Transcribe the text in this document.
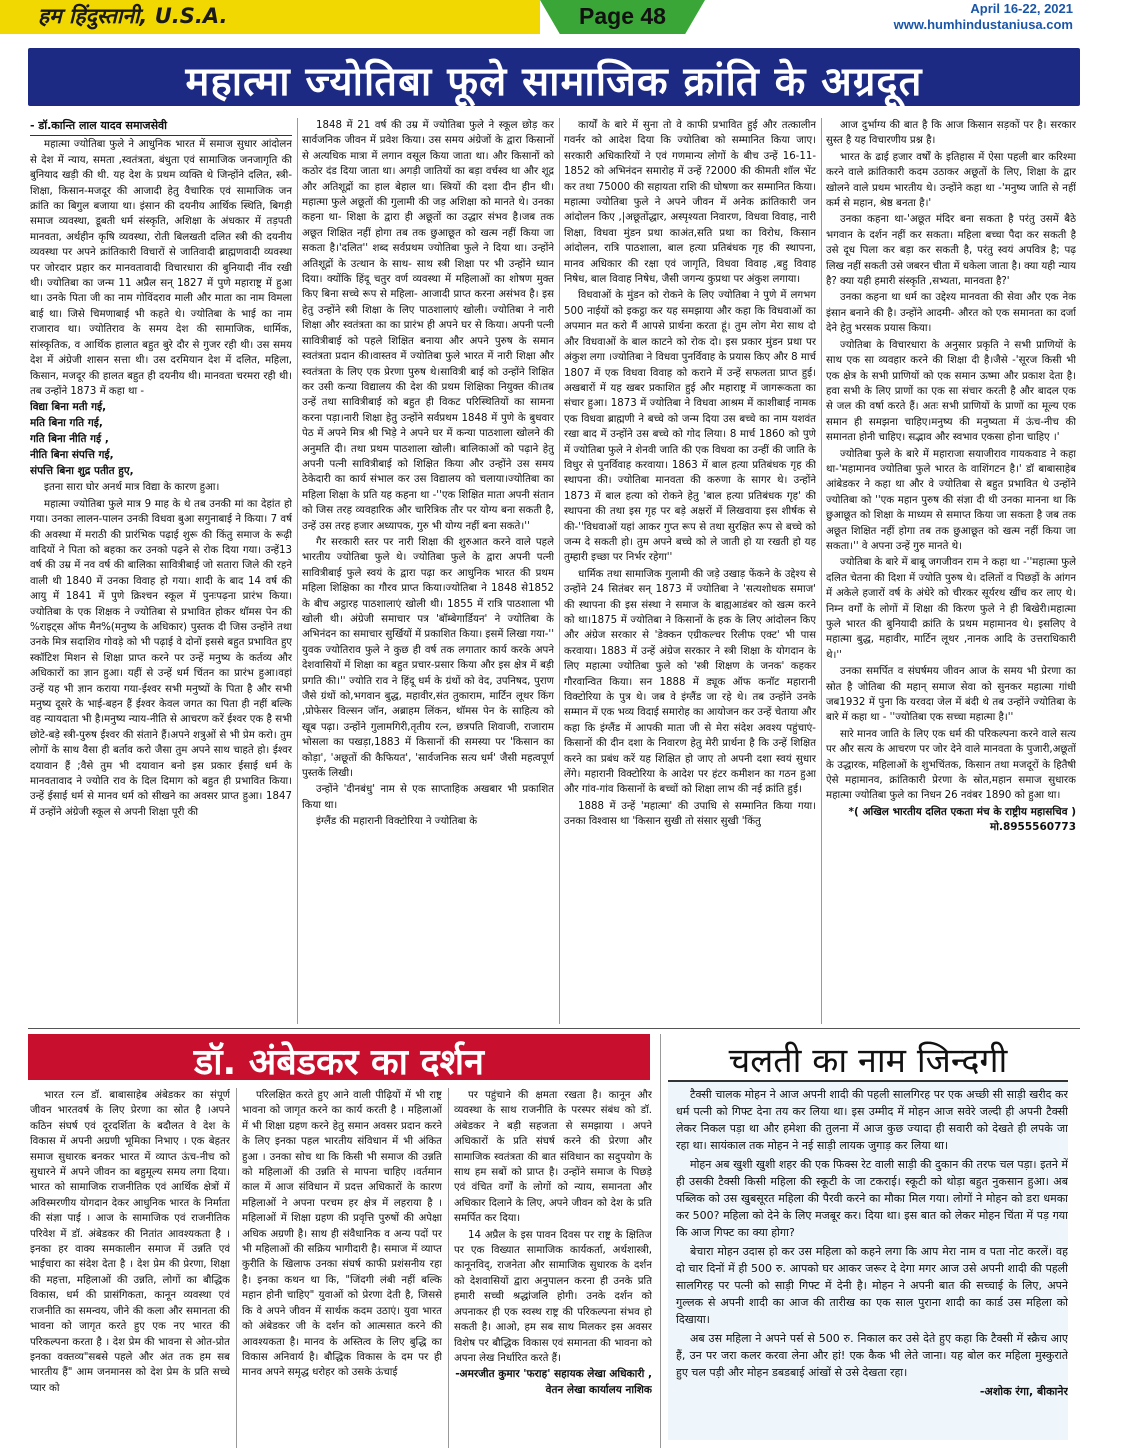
हम हिंदुस्तानी, U.S.A.	Page 48	April 16-22, 2021
www.humhindustaniusa.com
महात्मा ज्योतिबा फूले सामाजिक क्रांति के अग्रदूत

- डॉ.कान्ति लाल यादव समाजसेवी

महात्मा ज्योतिबा फुले ने आधुनिक भारत में समाज सुधार आंदोलन से देश में न्याय, समता ,स्वतंत्रता, बंधुता एवं सामाजिक जनजागृति की बुनियाद खड़ी की थी. यह देश के प्रथम व्यक्ति थे जिन्होंने दलित, स्त्री- शिक्षा, किसान-मजदूर की आजादी हेतु वैचारिक एवं सामाजिक जन क्रांति का बिगुल बजाया था। इंसान की दयनीय आर्थिक स्थिति, बिगड़ी समाज व्यवस्था, डूबती धर्म संस्कृति, अशिक्षा के अंधकार में तड़पती मानवता, अर्थहीन कृषि व्यवस्था, रोती बिलखती दलित स्त्री की दयनीय व्यवस्था पर अपने क्रांतिकारी विचारों से जातिवादी ब्राह्मणवादी व्यवस्था पर जोरदार प्रहार कर मानवतावादी विचारधारा की बुनियादी नींव रखी थी। ज्योतिबा का जन्म 11 अप्रैल सन् 1827 में पुणे महाराष्ट्र में हुआ था। उनके पिता जी का नाम गोविंदराव माली और माता का नाम विमला बाई था। जिसे चिमणाबाई भी कहते थे। ज्योतिबा के भाई का नाम राजाराव था। ज्योतिराव के समय देश की सामाजिक, धार्मिक, सांस्कृतिक, व आर्थिक हालात बहुत बुरे दौर से गुजर रही थी। उस समय देश में अंग्रेजी शासन सत्ता थी। उस दरमियान देश में दलित, महिला, किसान, मजदूर की हालत बहुत ही दयनीय थी। मानवता चरमरा रही थी। तब उन्होंने 1873 में कहा था -

विद्या बिना मती गई,

मति बिना गति गई,

गति बिना नीति गई ,

नीति बिना संपत्ति गई,

संपत्ति बिना शुद्र पतीत हुए,

इतना सारा घोर अनर्थ मात्र विद्या के कारण हुआ।

महात्मा ज्योतिबा फुले मात्र 9 माह के थे तब उनकी मां का देहांत हो गया। उनका लालन-पालन उनकी विधवा बुआ सगुनाबाई ने किया। 7 वर्ष की अवस्था में मराठी की प्रारंभिक पढ़ाई शुरू की किंतु समाज के रूढ़ी वादियों ने पिता को बहका कर उनको पढ़ने से रोक दिया गया। उन्हें13 वर्ष की उम्र में नव वर्ष की बालिका सावित्रीबाई जो सतारा जिले की रहने वाली थी 1840 में उनका विवाह हो गया। शादी के बाद 14 वर्ष की आयु में 1841 में पुणे क्रिश्चन स्कूल में पुनःपढ़ना प्रारंभ किया। ज्योतिबा के एक शिक्षक ने ज्योतिबा से प्रभावित होकर थॉमस पेन की %राइट्स ऑफ मैन%(मनुष्य के अधिकार) पुस्तक दी जिस उन्होंने तथा उनके मित्र सदाशिव गोवड़े को भी पढ़ाई वे दोनों इससे बहुत प्रभावित हुए स्कॉटिश मिशन से शिक्षा प्राप्त करने पर उन्हें मनुष्य के कर्तव्य और अधिकारों का ज्ञान हुआ। यहीं से उन्हें धर्म चिंतन का प्रारंभ हुआ।वहां उन्हें यह भी ज्ञान कराया गया-ईश्वर सभी मनुष्यों के पिता है और सभी मनुष्य दूसरे के भाई-बहन हैं ईश्वर केवल जगत का पिता ही नहीं बल्कि वह न्यायदाता भी है।मनुष्य न्याय-नीति से आचरण करें ईश्वर एक है सभी छोटे-बड़े स्त्री-पुरुष ईश्वर की संताने हैं।अपने शत्रुओं से भी प्रेम करो। तुम लोगों के साथ वैसा ही बर्ताव करो जैसा तुम अपने साथ चाहते हो। ईश्वर दयावान हैं ;वैसे तुम भी दयावान बनो इस प्रकार ईसाई धर्म के मानवतावाद ने ज्योति राव के दिल दिमाग को बहुत ही प्रभावित किया।उन्हें ईसाई धर्म से मानव धर्म को सीखने का अवसर प्राप्त हुआ। 1847 में उन्होंने अंग्रेजी स्कूल से अपनी शिक्षा पूरी की

1848 में 21 वर्ष की उम्र में ज्योतिबा फुले ने स्कूल छोड़ कर सार्वजनिक जीवन में प्रवेश किया। उस समय अंग्रेजों के द्वारा किसानों से अत्यधिक मात्रा में लगान वसूल किया जाता था। और किसानों को कठोर दंड दिया जाता था। अगड़ी जातियों का बड़ा वर्चस्व था और शूद्र और अतिशूद्रों का हाल बेहाल था। स्त्रियों की दशा दीन हीन थी।महात्मा फुले अछूतों की गुलामी की जड़ अशिक्षा को मानते थे। उनका कहना था- शिक्षा के द्वारा ही अछूतों का उद्धार संभव है।जब तक अछूत शिक्षित नहीं होगा तब तक छुआछूत को खत्म नहीं किया जा सकता है।'दलित'' शब्द सर्वप्रथम ज्योतिबा फुले ने दिया था। उन्होंने अतिशूद्रों के उत्थान के साथ- साथ स्त्री शिक्षा पर भी उन्होंने ध्यान दिया। क्योंकि हिंदू चतुर वर्ण व्यवस्था में महिलाओं का शोषण मुक्त किए बिना सच्चे रूप से महिला- आजादी प्राप्त करना असंभव है। इस हेतु उन्होंने स्त्री शिक्षा के लिए पाठशालाएं खोली। ज्योतिबा ने नारी शिक्षा और स्वतंत्रता का का प्रारंभ ही अपने घर से किया। अपनी पत्नी सावित्रीबाई को पहले शिक्षित बनाया और अपने पुरुष के समान स्वतंत्रता प्रदान की।वास्तव में ज्योतिबा फुले भारत में नारी शिक्षा और स्वतंत्रता के लिए एक प्रेरणा पुरुष थे।सावित्री बाई को उन्होंने शिक्षित कर उसी कन्या विद्यालय की देश की प्रथम शिक्षिका नियुक्त की।तब उन्हें तथा सावित्रीबाई को बहुत ही विकट परिस्थितियों का सामना करना पड़ा।नारी शिक्षा हेतु उन्होंने सर्वप्रथम 1848 में पुणे के बुधवार पेठ में अपने मित्र श्री भिड़े ने अपने घर में कन्या पाठशाला खोलने की अनुमति दी। तथा प्रथम पाठशाला खोली। बालिकाओं को पढ़ाने हेतु अपनी पत्नी सावित्रीबाई को शिक्षित किया और उन्होंने उस समय ठेकेदारी का कार्य संभाल कर उस विद्यालय को चलाया।ज्योतिबा का महिला शिक्षा के प्रति यह कहना था -''एक शिक्षित माता अपनी संतान को जिस तरह व्यवहारिक और चारित्रिक तौर पर योग्य बना सकती है, उन्हें उस तरह हजार अध्यापक, गुरु भी योग्य नहीं बना सकते।''

गैर सरकारी स्तर पर नारी शिक्षा की शुरुआत करने वाले पहले भारतीय ज्योतिबा फुले थे। ज्योतिबा फुले के द्वारा अपनी पत्नी सावित्रीबाई फुले स्वयं के द्वारा पढ़ा कर आधुनिक भारत की प्रथम महिला शिक्षिका का गौरव प्राप्त किया।ज्योतिबा ने 1848 से1852 के बीच अट्ठारह पाठशालाएं खोली थी। 1855 में रात्रि पाठशाला भी खोली थी। अंग्रेजी समाचार पत्र 'बॉम्बेगार्डियन' ने ज्योतिबा के अभिनंदन का समाचार सुर्खियों में प्रकाशित किया। इसमें लिखा गया-'' युवक ज्योतिराव फुले ने कुछ ही वर्ष तक लगातार कार्य करके अपने देशवासियों में शिक्षा का बहुत प्रचार-प्रसार किया और इस क्षेत्र में बड़ी प्रगति की।'' ज्योति राव ने हिंदू धर्म के ग्रंथों को वेद, उपनिषद, पुराण जैसे ग्रंथों को,भगवान बुद्ध, महावीर,संत तुकाराम, मार्टिन लूथर किंग ,प्रोफेसर विल्सन जॉन, अब्राहम लिंकन, थॉमस पेन के साहित्य को खूब पढ़ा। उन्होंने गुलामगिरी,तृतीय रत्न, छत्रपति शिवाजी, राजाराम भोसला का पखड़ा,1883 में किसानों की समस्या पर 'किसान का कोड़ा', 'अछूतों की कैफियत', 'सार्वजनिक सत्य धर्म' जैसी महत्वपूर्ण पुस्तकें लिखी।

उन्होंने 'दीनबंधु' नाम से एक साप्ताहिक अखबार भी प्रकाशित किया था।

इंग्लैंड की महारानी विक्टोरिया ने ज्योतिबा के

कार्यों के बारे में सुना तो वे काफी प्रभावित हुई और तत्कालीन गवर्नर को आदेश दिया कि ज्योतिबा को सम्मानित किया जाए। सरकारी अधिकारियों ने एवं गणमान्य लोगों के बीच उन्हें 16-11-1852 को अभिनंदन समारोह में उन्हें ?2000 की कीमती शॉल भेंट कर तथा 75000 की सहायता राशि की घोषणा कर सम्मानित किया। महात्मा ज्योतिबा फुले ने अपने जीवन में अनेक क्रांतिकारी जन आंदोलन किए ,|अछूतोंद्धार, अस्पृश्यता निवारण, विधवा विवाह, नारी शिक्षा, विधवा मुंडन प्रथा काअंत,सति प्रथा का विरोध, किसान आंदोलन, रात्रि पाठशाला, बाल हत्या प्रतिबंधक गृह की स्थापना, मानव अधिकार की रक्षा एवं जागृति, विधवा विवाह ,बहु विवाह निषेध, बाल विवाह निषेध, जैसी जगन्य कुप्रथा पर अंकुश लगाया।

विधवाओं के मुंडन को रोकने के लिए ज्योतिबा ने पुणे में लगभग 500 नाईयों को इकट्ठा कर यह समझाया और कहा कि विधवाओं का अपमान मत करो मैं आपसे प्रार्थना करता हूं। तुम लोग मेरा साथ दो और विधवाओं के बाल काटने को रोक दो। इस प्रकार मुंडन प्रथा पर अंकुश लगा ।ज्योतिबा ने विधवा पुनर्विवाह के प्रयास किए और 8 मार्च 1807 में एक विधवा विवाह को कराने में उन्हें सफलता प्राप्त हुई। अखबारों में यह खबर प्रकाशित हुई और महाराष्ट्र में जागरूकता का संचार हुआ। 1873 में ज्योतिबा ने विधवा आश्रम में काशीबाई नामक एक विधवा ब्राह्मणी ने बच्चे को जन्म दिया उस बच्चे का नाम यशवंत रखा बाद में उन्होंने उस बच्चे को गोद लिया। 8 मार्च 1860 को पुणे में ज्योतिबा फुले ने शेनवी जाति की एक विधवा का उन्हीं की जाति के विधुर से पुनर्विवाह करवाया। 1863 में बाल हत्या प्रतिबंधक गृह की स्थापना की। ज्योतिबा मानवता की करुणा के सागर थे। उन्होंने 1873 में बाल हत्या को रोकने हेतु 'बाल हत्या प्रतिबंधक गृह' की स्थापना की तथा इस गृह पर बड़े अक्षरों में लिखवाया इस शीर्षक से की-''विधवाओं यहां आकर गुप्त रूप से तथा सुरक्षित रूप से बच्चे को जन्म दे सकती हो। तुम अपने बच्चे को ले जाती हो या रखती हो यह तुम्हारी इच्छा पर निर्भर रहेगा''

धार्मिक तथा सामाजिक गुलामी की जड़े उखाड़ फेंकने के उद्देश्य से उन्होंने 24 सितंबर सन् 1873 में ज्योतिबा ने 'सत्यशोधक समाज' की स्थापना की इस संस्था ने समाज के बाह्यआडंबर को खत्म करने को था।1875 में ज्योतिबा ने किसानों के हक के लिए आंदोलन किए और अंग्रेज सरकार से 'डेक्कन एग्रीकल्चर रिलीफ एक्ट' भी पास करवाया। 1883 में उन्हें अंग्रेज सरकार ने स्त्री शिक्षा के योगदान के लिए महात्मा ज्योतिबा फुले को 'स्त्री शिक्षण के जनक' कहकर गौरवान्वित किया। सन 1888 में ड्यूक ऑफ कनॉट महारानी विक्टोरिया के पुत्र थे। जब वे इंग्लैंड जा रहे थे। तब उन्होंने उनके सम्मान में एक भव्य विदाई समारोह का आयोजन कर उन्हें चेताया और कहा कि इंग्लैंड में आपकी माता जी से मेरा संदेश अवश्य पहुंचाएं- किसानों की दीन दशा के निवारण हेतु मेरी प्रार्थना है कि उन्हें शिक्षित करने का प्रबंध करें यह शिक्षित हो जाए तो अपनी दशा स्वयं सुधार लेंगे। महारानी विक्टोरिया के आदेश पर हंटर कमीशन का गठन हुआ और गांव-गांव किसानों के बच्चों को शिक्षा लाभ की नई क्रांति हुई।

1888 में उन्हें 'महात्मा' की उपाधि से सम्मानित किया गया। उनका विश्वास था 'किसान सुखी तो संसार सुखी 'किंतु

आज दुर्भाग्य की बात है कि आज किसान सड़कों पर है। सरकार सुस्त है यह विचारणीय प्रश्न है।

भारत के ढाई हजार वर्षों के इतिहास में ऐसा पहली बार करिश्मा करने वाले क्रांतिकारी कदम उठाकर अछूतों के लिए, शिक्षा के द्वार खोलने वाले प्रथम भारतीय थे। उन्होंने कहा था -'मनुष्य जाति से नहीं कर्म से महान, श्रेष्ठ बनता है।'

उनका कहना था-'अछूत मंदिर बना सकता है परंतु उसमें बैठे भगवान के दर्शन नहीं कर सकता। महिला बच्चा पैदा कर सकती है उसे दूध पिला कर बड़ा कर सकती है, परंतु स्वयं अपवित्र है; पढ़ लिख नहीं सकती उसे जबरन चीता में धकेला जाता है। क्या यही न्याय है? क्या यही हमारी संस्कृति ,सभ्यता, मानवता है?'

उनका कहना था धर्म का उद्देश्य मानवता की सेवा और एक नेक इंसान बनाने की है। उन्होंने आदमी- औरत को एक समानता का दर्जा देने हेतु भरसक प्रयास किया।

ज्योतिबा के विचारधारा के अनुसार प्रकृति ने सभी प्राणियों के साथ एक सा व्यवहार करने की शिक्षा दी है।जैसे -'सूरज किसी भी एक क्षेत्र के सभी प्राणियों को एक समान ऊष्मा और प्रकाश देता है। हवा सभी के लिए प्राणों का एक सा संचार करती है और बादल एक से जल की वर्षा करते हैं। अतः सभी प्राणियों के प्राणों का मूल्य एक समान ही समझना चाहिए।मनुष्य की मनुष्यता में ऊंच-नीच की समानता होनी चाहिए। सद्भाव और स्वभाव एकसा होना चाहिए ।'

ज्योतिबा फुले के बारे में महाराजा सयाजीराव गायकवाड ने कहा था-'महामानव ज्योतिबा फुले भारत के वाशिंगटन है।' डॉ बाबासाहेब आंबेडकर ने कहा था और वे ज्योतिबा से बहुत प्रभावित थे उन्होंने ज्योतिबा को ''एक महान पुरुष की संज्ञा दी थी उनका मानना था कि छुआछूत को शिक्षा के माध्यम से समाप्त किया जा सकता है जब तक अछूत शिक्षित नहीं होगा तब तक छुआछूत को खत्म नहीं किया जा सकता।'' वे अपना उन्हें गुरु मानते थे।

ज्योतिबा के बारे में बाबू जगजीवन राम ने कहा था -''महात्मा फुले दलित चेतना की दिशा में ज्योति पुरुष थे। दलितों व पिछड़ों के आंगन में अकेले हजारों वर्ष के अंधेरे को चीरकर सूर्यरथ खींच कर लाए थे। निम्न वर्गों के लोगों में शिक्षा की किरण फुले ने ही बिखेरी।महात्मा फुले भारत की बुनियादी क्रांति के प्रथम महामानव थे। इसलिए वे महात्मा बुद्ध, महावीर, मार्टिन लूथर ,नानक आदि के उत्तराधिकारी थे।''

उनका समर्पित व संघर्षमय जीवन आज के समय भी प्रेरणा का स्रोत है जोतिबा की महान् समाज सेवा को सुनकर महात्मा गांधी जब1932 में पुना कि यरवदा जेल में बंदी थे तब उन्होंने ज्योतिबा के बारे में कहा था - ''ज्योतिबा एक सच्चा महात्मा है।''

सारे मानव जाति के लिए एक धर्म की परिकल्पना करने वाले सत्य पर और सत्य के आचरण पर जोर देने वाले मानवता के पुजारी,अछूतों के उद्धारक, महिलाओं के शुभचिंतक, किसान तथा मजदूरों के हितैषी ऐसे महामानव, क्रांतिकारी प्रेरणा के स्रोत,महान समाज सुधारक महात्मा ज्योतिबा फुले का निधन 26 नवंबर 1890 को हुआ था।

*( अखिल भारतीय दलित एकता मंच के राष्ट्रीय महासचिव ) मो.8955560773

डॉ. अंबेडकर का दर्शन

भारत रत्न डॉ. बाबासाहेब अंबेडकर का संपूर्ण जीवन भारतवर्ष के लिए प्रेरणा का स्रोत है ।अपने कठिन संघर्ष एवं दूरदर्शिता के बदौलत वे देश के विकास में अपनी अग्रणी भूमिका निभाए । एक बेहतर समाज सुधारक बनकर भारत में व्याप्त ऊंच-नीच को सुधारने में अपने जीवन का बहुमूल्य समय लगा दिया। भारत को सामाजिक राजनीतिक एवं आर्थिक क्षेत्रों में अविस्मरणीय योगदान देकर आधुनिक भारत के निर्माता की संज्ञा पाई । आज के सामाजिक एवं राजनीतिक परिवेश में डॉ. अंबेडकर की नितांत आवश्यकता है । इनका हर वाक्य समकालीन समाज में उन्नति एवं भाईचारा का संदेश देता है । देश प्रेम की प्रेरणा, शिक्षा की महत्ता, महिलाओं की उन्नति, लोगों का बौद्धिक विकास, धर्म की प्रासंगिकता, कानून व्यवस्था एवं राजनीति का समन्वय, जीने की कला और समानता की भावना को जागृत करते हुए एक नए भारत की परिकल्पना करता है । देश प्रेम की भावना से ओत-प्रोत इनका वक्तव्य"सबसे पहले और अंत तक हम सब भारतीय हैं" आम जनमानस को देश प्रेम के प्रति सच्चे प्यार को

परिलक्षित करते हुए आने वाली पीढ़ियों में भी राष्ट्र भावना को जागृत करने का कार्य करती है । महिलाओं में भी शिक्षा ग्रहण करने हेतु समान अवसर प्रदान करने के लिए इनका पहल भारतीय संविधान में भी अंकित हुआ । उनका सोच था कि किसी भी समाज की उन्नति को महिलाओं की उन्नति से मापना चाहिए ।वर्तमान काल में आज संविधान में प्रदत्त अधिकारों के कारण महिलाओं ने अपना परचम हर क्षेत्र में लहराया है । महिलाओं में शिक्षा ग्रहण की प्रवृत्ति पुरुषों की अपेक्षा अधिक अग्रणी है। साथ ही संवैधानिक व अन्य पदों पर भी महिलाओं की सक्रिय भागीदारी है। समाज में व्याप्त कुरीति के खिलाफ उनका संघर्ष काफी प्रशंसनीय रहा है। इनका कथन था कि, "जिंदगी लंबी नहीं बल्कि महान होनी चाहिए" युवाओं को प्रेरणा देती है, जिससे कि वे अपने जीवन में सार्थक कदम उठाएं। युवा भारत को अंबेडकर जी के दर्शन को आत्मसात करने की आवश्यकता है। मानव के अस्तित्व के लिए बुद्धि का विकास अनिवार्य है। बौद्धिक विकास के दम पर ही मानव अपने समृद्ध धरोहर को उसके ऊंचाई

पर पहुंचाने की क्षमता रखता है। कानून और व्यवस्था के साथ राजनीति के परस्पर संबंध को डॉ. अंबेडकर ने बड़ी सहजता से समझाया । अपने अधिकारों के प्रति संघर्ष करने की प्रेरणा और सामाजिक स्वतंत्रता की बात संविधान का सदुपयोग के साथ हम सबों को प्राप्त है। उन्होंने समाज के पिछड़े एवं वंचित वर्गों के लोगों को न्याय, समानता और अधिकार दिलाने के लिए, अपने जीवन को देश के प्रति समर्पित कर दिया।

14 अप्रैल के इस पावन दिवस पर राष्ट्र के क्षितिज पर एक विख्यात सामाजिक कार्यकर्ता, अर्थशास्त्री, कानूनविद्, राजनेता और सामाजिक सुधारक के दर्शन को देशवासियों द्वारा अनुपालन करना ही उनके प्रति हमारी सच्ची श्रद्धांजलि होगी। उनके दर्शन को अपनाकर ही एक स्वस्थ राष्ट्र की परिकल्पना संभव हो सकती है। आओ, हम सब साथ मिलकर इस अवसर विशेष पर बौद्धिक विकास एवं समानता की भावना को अपना लेख निर्धारित करते हैं।

-अमरजीत कुमार 'फराह' सहायक लेखा अधिकारी , वेतन लेखा कार्यालय नाशिक

चलती का नाम जिन्दगी

टैक्सी चालक मोहन ने आज अपनी शादी की पहली सालगिरह पर एक अच्छी सी साड़ी खरीद कर धर्म पत्नी को गिफ्ट देना तय कर लिया था। इस उम्मीद में मोहन आज सवेरे जल्दी ही अपनी टैक्सी लेकर निकल पड़ा था और हमेशा की तुलना में आज कुछ ज्यादा ही सवारी को देखते ही लपके जा रहा था। सायंकाल तक मोहन ने नई साड़ी लायक जुगाड़ कर लिया था।

मोहन अब खुशी खुशी शहर की एक फिक्स रेट वाली साड़ी की दुकान की तरफ चल पड़ा। इतने में ही उसकी टैक्सी किसी महिला की स्कूटी के जा टकराई। स्कूटी को थोड़ा बहुत नुकसान हुआ। अब पब्लिक को उस खुबसूरत महिला की पैरवी करने का मौका मिल गया। लोगों ने मोहन को डरा धमका कर 500? महिला को देने के लिए मजबूर कर। दिया था। इस बात को लेकर मोहन चिंता में पड़ गया कि आज गिफ्ट का क्या होगा?

बेचारा मोहन उदास हो कर उस महिला को कहने लगा कि आप मेरा नाम व पता नोट करलें। वह दो चार दिनों में ही 500 रु. आपको घर आकर जरूर दे देगा मगर आज उसे अपनी शादी की पहली सालगिरह पर पत्नी को साड़ी गिफ्ट में देनी है। मोहन ने अपनी बात की सच्चाई के लिए, अपने गुल्लक से अपनी शादी का आज की तारीख का एक साल पुराना शादी का कार्ड उस महिला को दिखाया।

अब उस महिला ने अपने पर्स से 500 रु. निकाल कर उसे देते हुए कहा कि टैक्सी में स्क्रैच आए हैं, उन पर जरा कलर करवा लेना और हां! एक कैक भी लेते जाना। यह बोल कर महिला मुस्कुराते हुए चल पड़ी और मोहन डबडबाई आंखों से उसे देखता रहा।

-अशोक रंगा, बीकानेर
